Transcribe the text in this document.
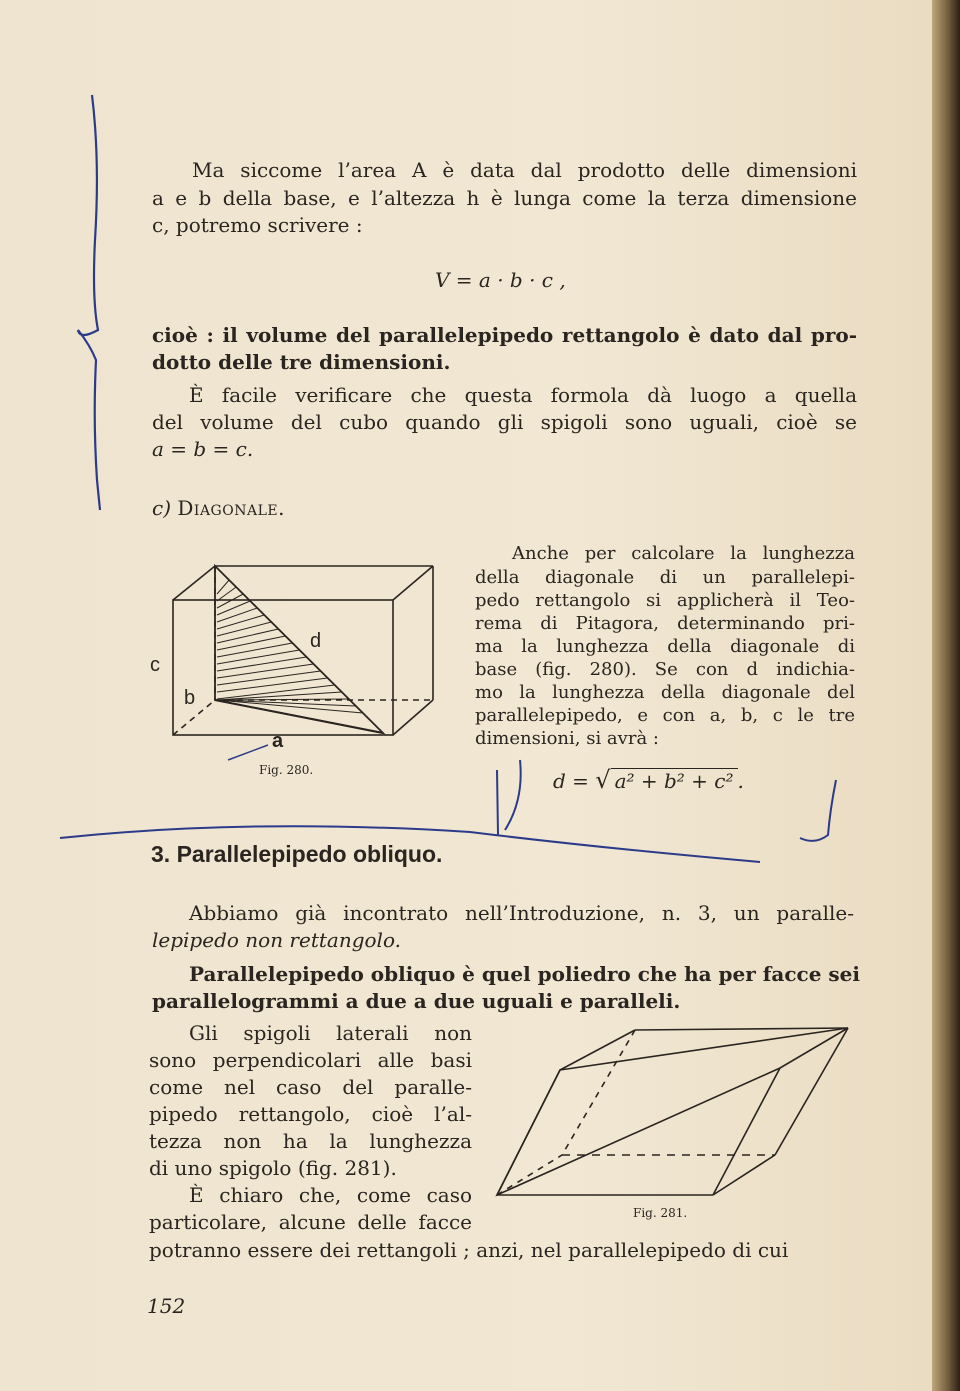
Ma siccome l’area A è data dal prodotto delle dimensioni
a e b della base, e l’altezza h è lunga come la terza dimensione
c, potremo scrivere :
V = a · b · c ,
cioè : il volume del parallelepipedo rettangolo è dato dal pro-
dotto delle tre dimensioni.
È facile verificare che questa formola dà luogo a quella
del volume del cubo quando gli spigoli sono uguali, cioè se
a = b = c.
c) Diagonale.
c
d
b
a
Fig. 280.
Anche per calcolare la lunghezza
della diagonale di un parallelepi-
pedo rettangolo si applicherà il Teo-
rema di Pitagora, determinando pri-
ma la lunghezza della diagonale di
base (fig. 280). Se con d indichia-
mo la lunghezza della diagonale del
parallelepipedo, e con a, b, c le tre
dimensioni, si avrà :
d = √ a² + b² + c² .
3. Parallelepipedo obliquo.
Abbiamo già incontrato nell’Introduzione, n. 3, un paralle-
lepipedo non rettangolo.
Parallelepipedo obliquo è quel poliedro che ha per facce sei
parallelogrammi a due a due uguali e paralleli.
Gli spigoli laterali non
sono perpendicolari alle basi
come nel caso del paralle-
pipedo rettangolo, cioè l’al-
tezza non ha la lunghezza
di uno spigolo (fig. 281).
È chiaro che, come caso
particolare, alcune delle facce	Fig. 281.
potranno essere dei rettangoli ; anzi, nel parallelepipedo di cui
152
